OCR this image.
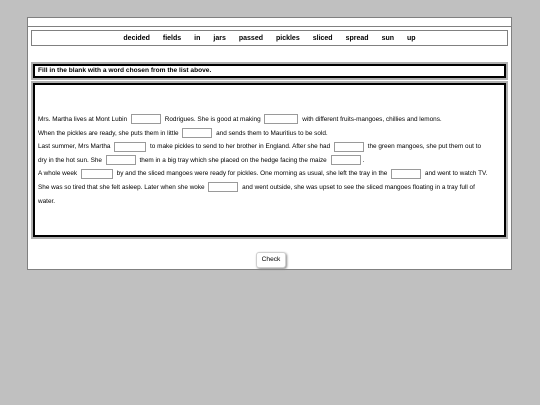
decided fields in jars passed pickles sliced spread sun up
Fill in the blank with a word chosen from the list above.
Mrs. Martha lives at Mont Lubin	Rodrigues. She is good at making	with different fruits-mangoes, chillies and lemons.
When the pickles are ready, she puts them in little	and sends them to Mauritius to be sold.
Last summer, Mrs Martha	to make pickles to send to her brother in England. After she had	the green mangoes, she put them out to
dry in the hot sun. She	them in a big tray which she placed on the hedge facing the maize	.
A whole week	by and the sliced mangoes were ready for pickles. One morning as usual, she left the tray in the	and went to watch TV.
She was so tired that she felt asleep. Later when she woke	and went outside, she was upset to see the sliced mangoes floating in a tray full of
water.
Check
